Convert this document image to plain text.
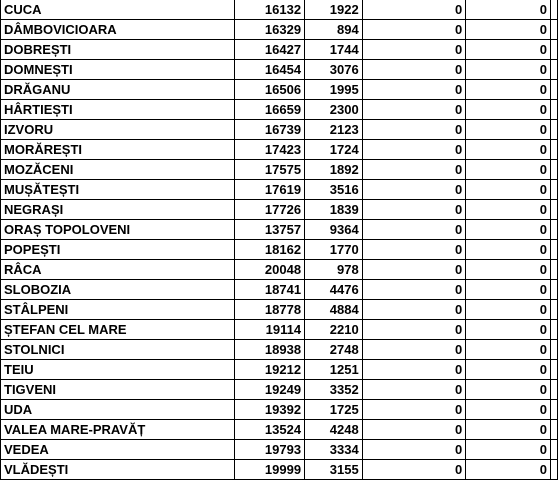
CUCA	16132	1922	0	0	
DÂMBOVICIOARA	16329	894	0	0	
DOBREȘTI	16427	1744	0	0	
DOMNEȘTI	16454	3076	0	0	
DRĂGANU	16506	1995	0	0	
HÂRTIEȘTI	16659	2300	0	0	
IZVORU	16739	2123	0	0	
MORĂREȘTI	17423	1724	0	0	
MOZĂCENI	17575	1892	0	0	
MUȘĂTEȘTI	17619	3516	0	0	
NEGRAȘI	17726	1839	0	0	
ORAȘ TOPOLOVENI	13757	9364	0	0	
POPEȘTI	18162	1770	0	0	
RÂCA	20048	978	0	0	
SLOBOZIA	18741	4476	0	0	
STÂLPENI	18778	4884	0	0	
ȘTEFAN CEL MARE	19114	2210	0	0	
STOLNICI	18938	2748	0	0	
TEIU	19212	1251	0	0	
TIGVENI	19249	3352	0	0	
UDA	19392	1725	0	0	
VALEA MARE-PRAVĂȚ	13524	4248	0	0	
VEDEA	19793	3334	0	0	
VLĂDEȘTI	19999	3155	0	0	
